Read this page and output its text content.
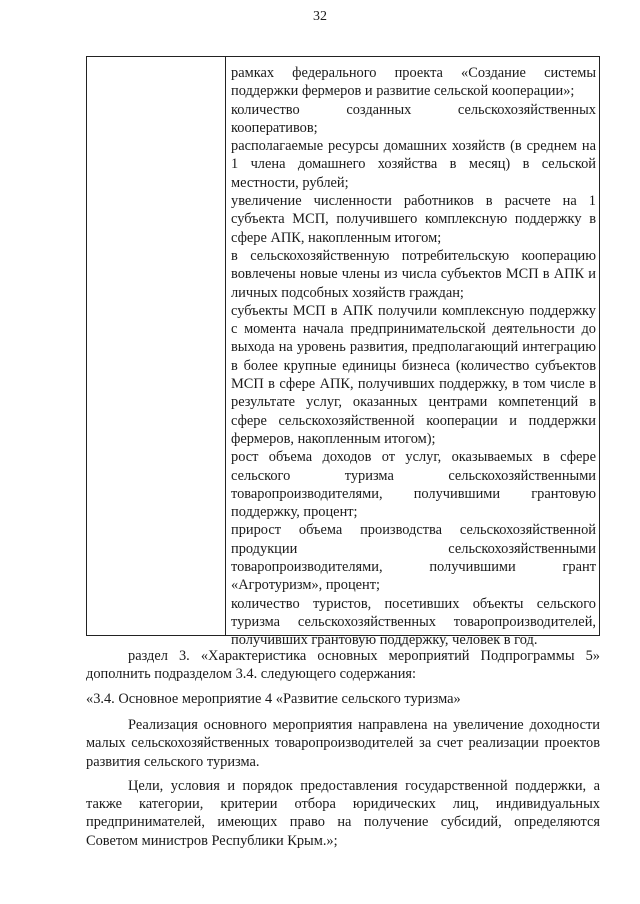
32

рамках федерального проекта «Создание системы поддержки фермеров и развитие сельской кооперации»;

количество созданных сельскохозяйственных кооперативов;

располагаемые ресурсы домашних хозяйств (в среднем на 1 члена домашнего хозяйства в месяц) в сельской местности, рублей;

увеличение численности работников в расчете на 1 субъекта МСП, получившего комплексную поддержку в сфере АПК, накопленным итогом;

в сельскохозяйственную потребительскую кооперацию вовлечены новые члены из числа субъектов МСП в АПК и личных подсобных хозяйств граждан;

субъекты МСП в АПК получили комплексную поддержку с момента начала предпринимательской деятельности до выхода на уровень развития, предполагающий интеграцию в более крупные единицы бизнеса (количество субъектов МСП в сфере АПК, получивших поддержку, в том числе в результате услуг, оказанных центрами компетенций в сфере сельскохозяйственной кооперации и поддержки фермеров, накопленным итогом);

рост объема доходов от услуг, оказываемых в сфере сельского туризма сельскохозяйственными товаропроизводителями, получившими грантовую поддержку, процент;

прирост объема производства сельскохозяйственной продукции сельскохозяйственными товаропроизводителями, получившими грант «Агротуризм», процент;

количество туристов, посетивших объекты сельского туризма сельскохозяйственных товаропроизводителей, получивших грантовую поддержку, человек в год.

раздел 3. «Характеристика основных мероприятий Подпрограммы 5» дополнить подразделом 3.4. следующего содержания:

«3.4. Основное мероприятие 4 «Развитие сельского туризма»

Реализация основного мероприятия направлена на увеличение доходности малых сельскохозяйственных товаропроизводителей за счет реализации проектов развития сельского туризма.

Цели, условия и порядок предоставления государственной поддержки, а также категории, критерии отбора юридических лиц, индивидуальных предпринимателей, имеющих право на получение субсидий, определяются Советом министров Республики Крым.»;
